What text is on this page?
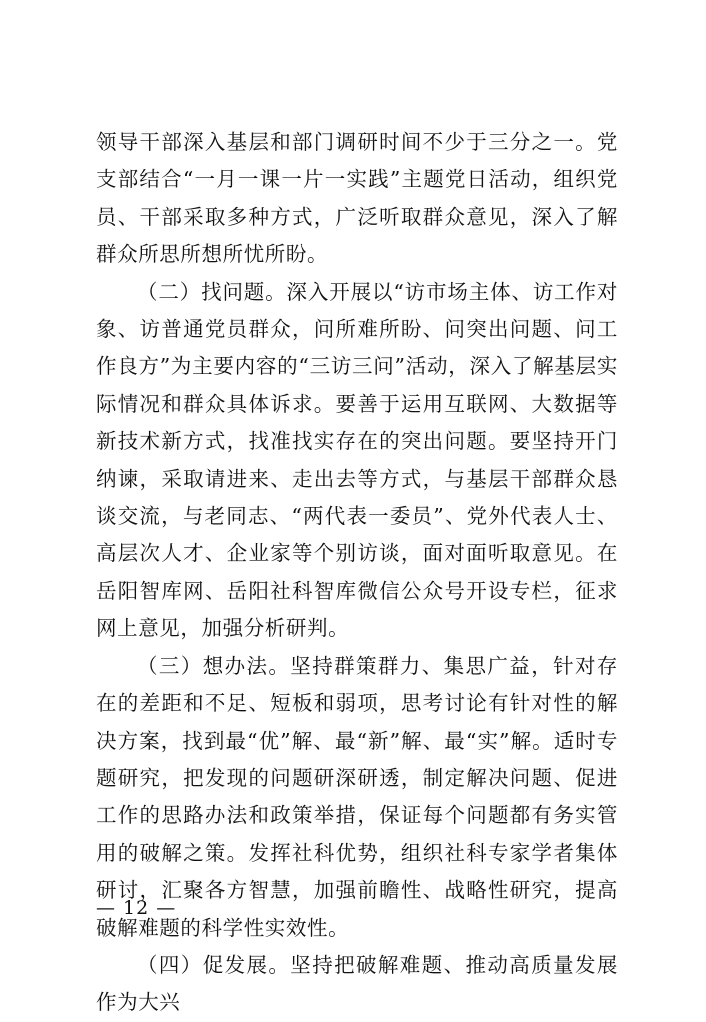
领导干部深入基层和部门调研时间不少于三分之一。党支部结合“一月一课一片一实践”主题党日活动，组织党员、干部采取多种方式，广泛听取群众意见，深入了解群众所思所想所忧所盼。

（二）找问题。深入开展以“访市场主体、访工作对象、访普通党员群众，问所难所盼、问突出问题、问工作良方”为主要内容的“三访三问”活动，深入了解基层实际情况和群众具体诉求。要善于运用互联网、大数据等新技术新方式，找准找实存在的突出问题。要坚持开门纳谏，采取请进来、走出去等方式，与基层干部群众恳谈交流，与老同志、“两代表一委员”、党外代表人士、高层次人才、企业家等个别访谈，面对面听取意见。在岳阳智库网、岳阳社科智库微信公众号开设专栏，征求网上意见，加强分析研判。

（三）想办法。坚持群策群力、集思广益，针对存在的差距和不足、短板和弱项，思考讨论有针对性的解决方案，找到最“优”解、最“新”解、最“实”解。适时专题研究，把发现的问题研深研透，制定解决问题、促进工作的思路办法和政策举措，保证每个问题都有务实管用的破解之策。发挥社科优势，组织社科专家学者集体研讨，汇聚各方智慧，加强前瞻性、战略性研究，提高破解难题的科学性实效性。

（四）促发展。坚持把破解难题、推动高质量发展作为大兴

— 12 —
